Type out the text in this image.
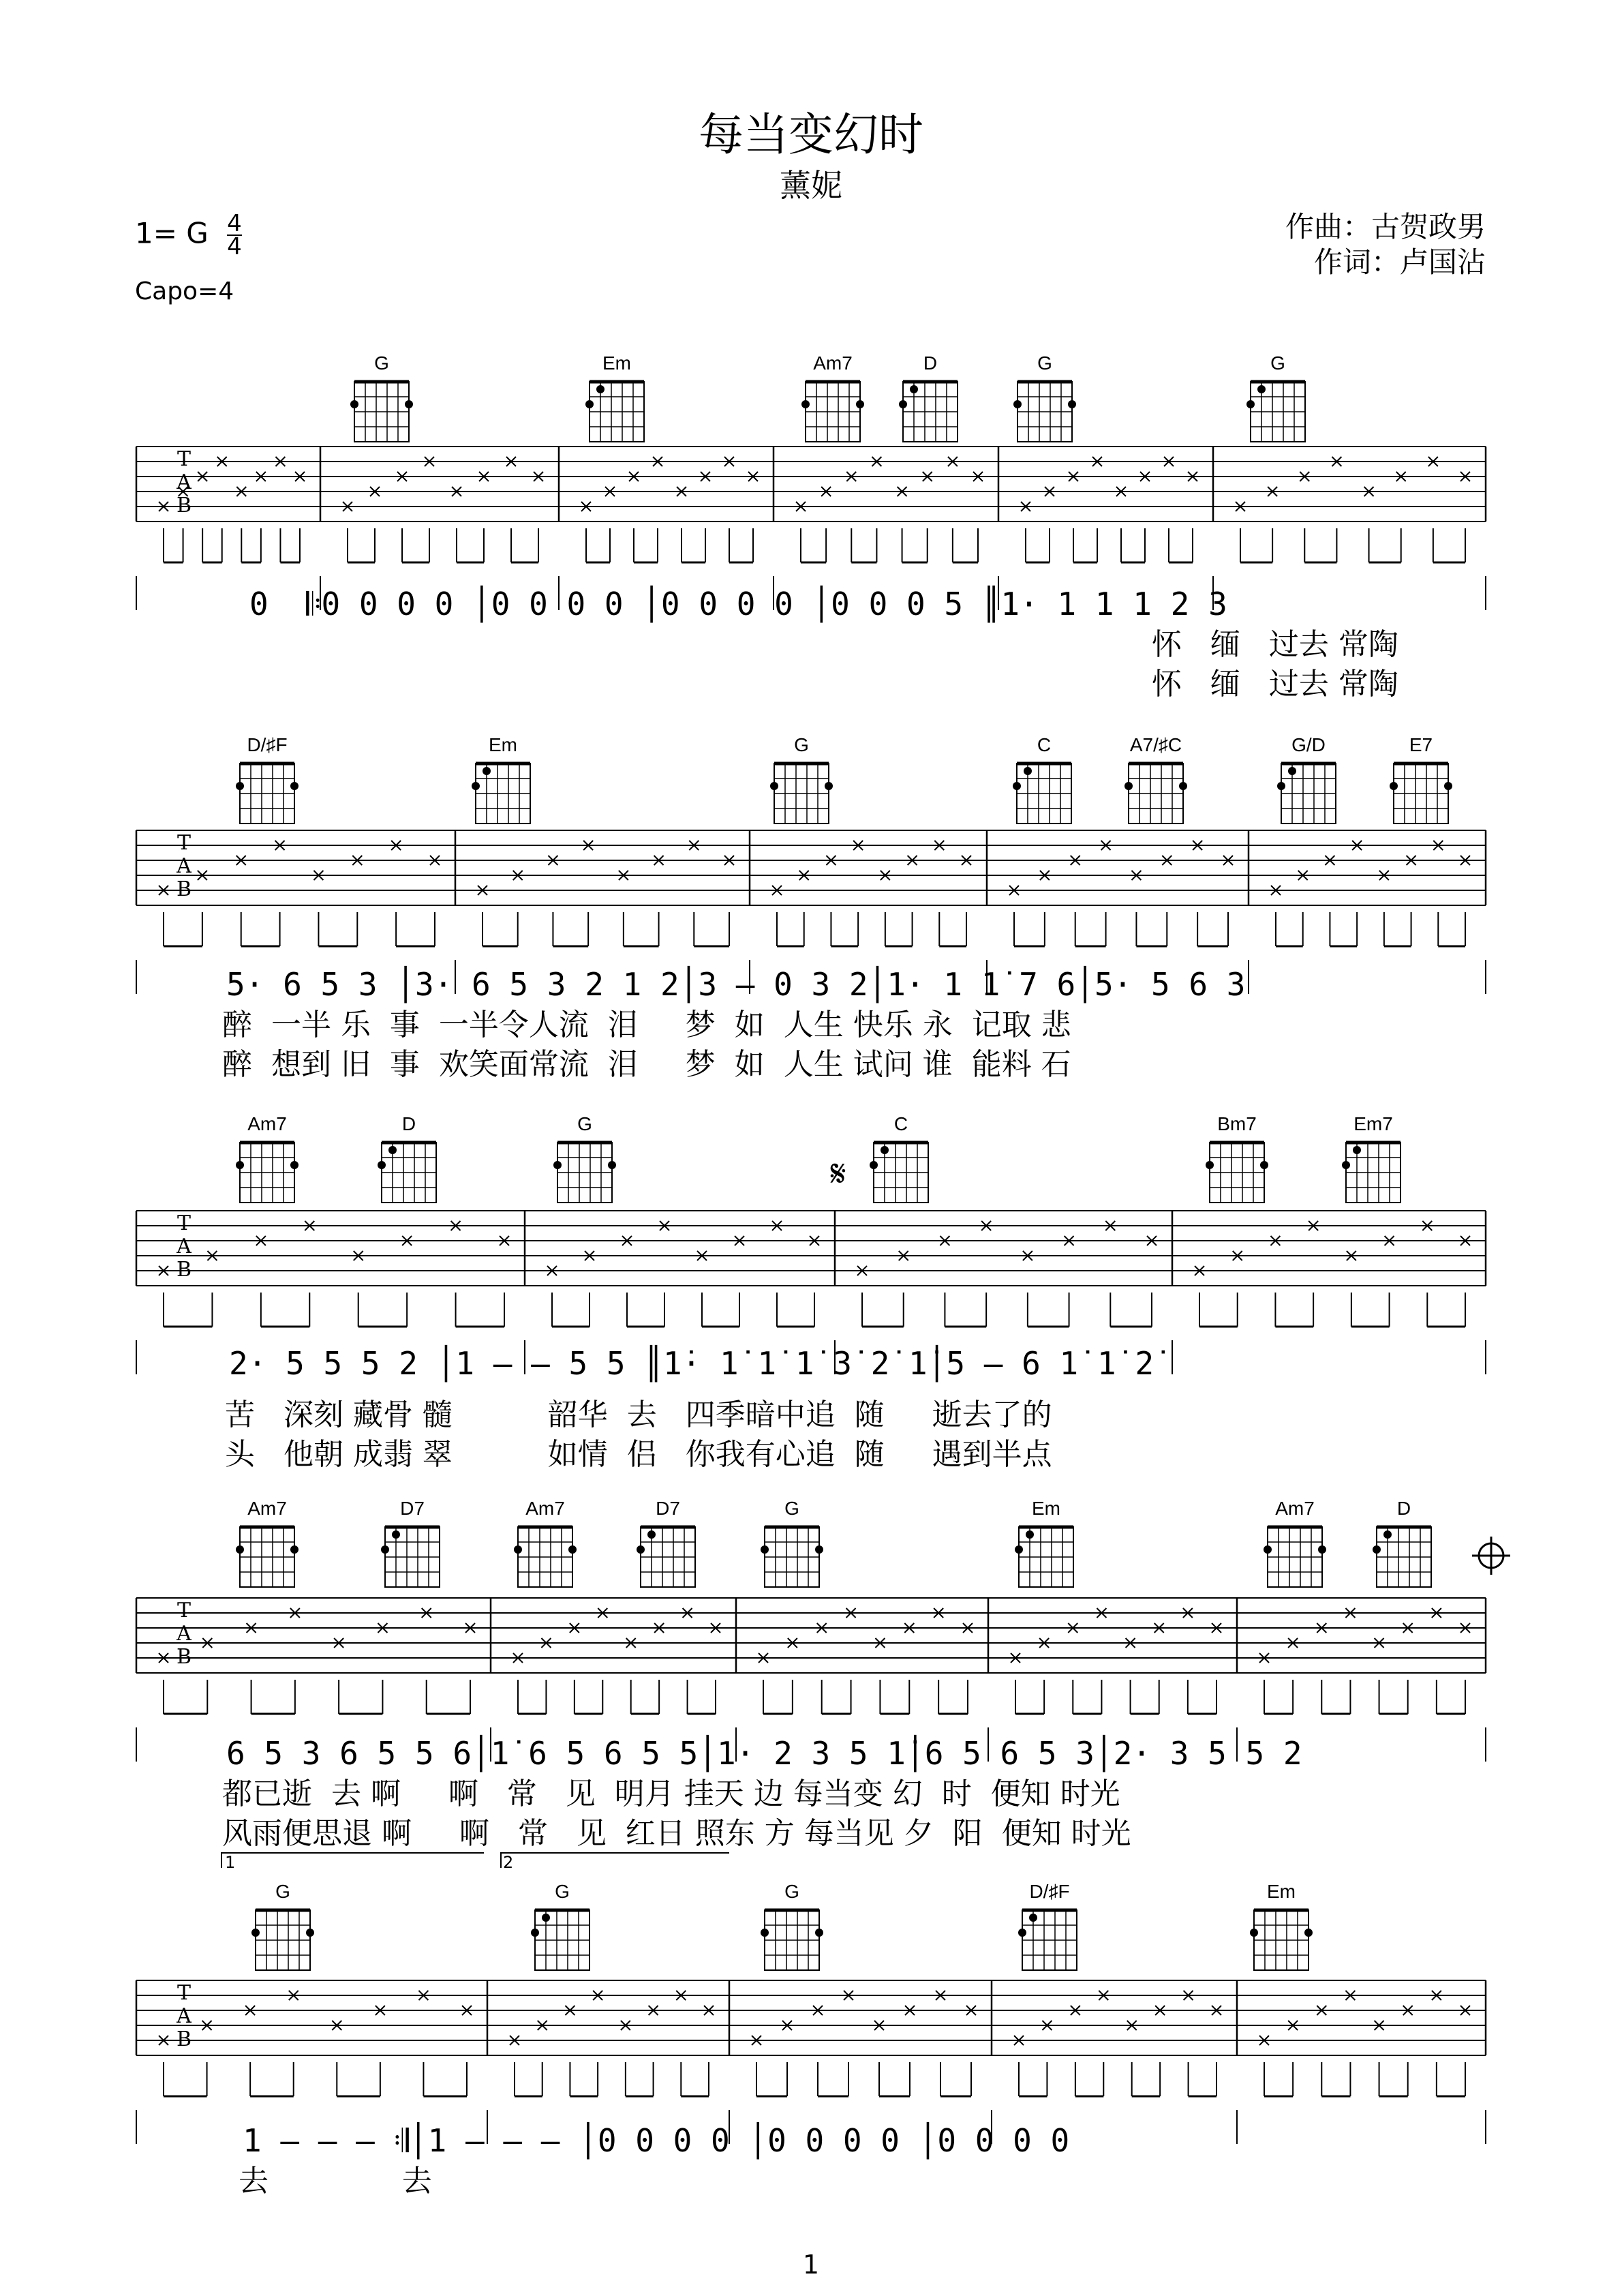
每当变幻时
薰妮
1= G $\frac{4}{4}$
Capo=4
作曲：古贺政男
作词：卢国沾
T
A
B
G	Em	Am7	D	G	G
T
A
B
D/♯F	Em	G	C	A7/♯C	G/D	E7
T
A
B
Am7	D	G	C	Bm7	Em7
T
A
B
Am7	D7	Am7	D7	G	Em	Am7	D
T
A
B
G	G	G	D/♯F	Em
𝄋
0  𝄆0 0 0 0 │0 0 0 0 │0 0 0 0 │0 0 0 5 ║1· 1 1 1 2 3
怀   缅   过去 常陶
怀   缅   过去 常陶
5· 6 5 3 │3· 6 5 3 2 1 2│3 – 0 3 2│1· 1 1̇ 7 6│5· 5 6 3
醉  一半 乐  事  一半令人流  泪     梦  如  人生 快乐 永  记取 悲
醉  想到 旧  事  欢笑面常流  泪     梦  如  人生 试问 谁  能料 石
2· 5 5 5 2 │1 – – 5 5 ║1̇· 1̇ 1̇ 1̇ 3̇ 2̇ 1̇│5 – 6 1̇ 1̇ 2̇
苦   深刻 藏骨 髓          韶华  去   四季暗中追  随     逝去了的
头   他朝 成翡 翠          如情  侣   你我有心追  随     遇到半点
6 5 3 6 5 5 6│1̇ 6 5 6 5 5│1· 2 3 5 1̇│6 5 6 5 3│2· 3 5 5 2
都已逝  去 啊     啊   常   见  明月 挂天 边 每当变 幻  时  便知 时光
风雨便思退 啊     啊   常   见  红日 照东 方 每当见 夕  阳  便知 时光
1	2
1 – – – 𝄇│1 – – – │0 0 0 0 │0 0 0 0 │0 0 0 0
去              去
1
